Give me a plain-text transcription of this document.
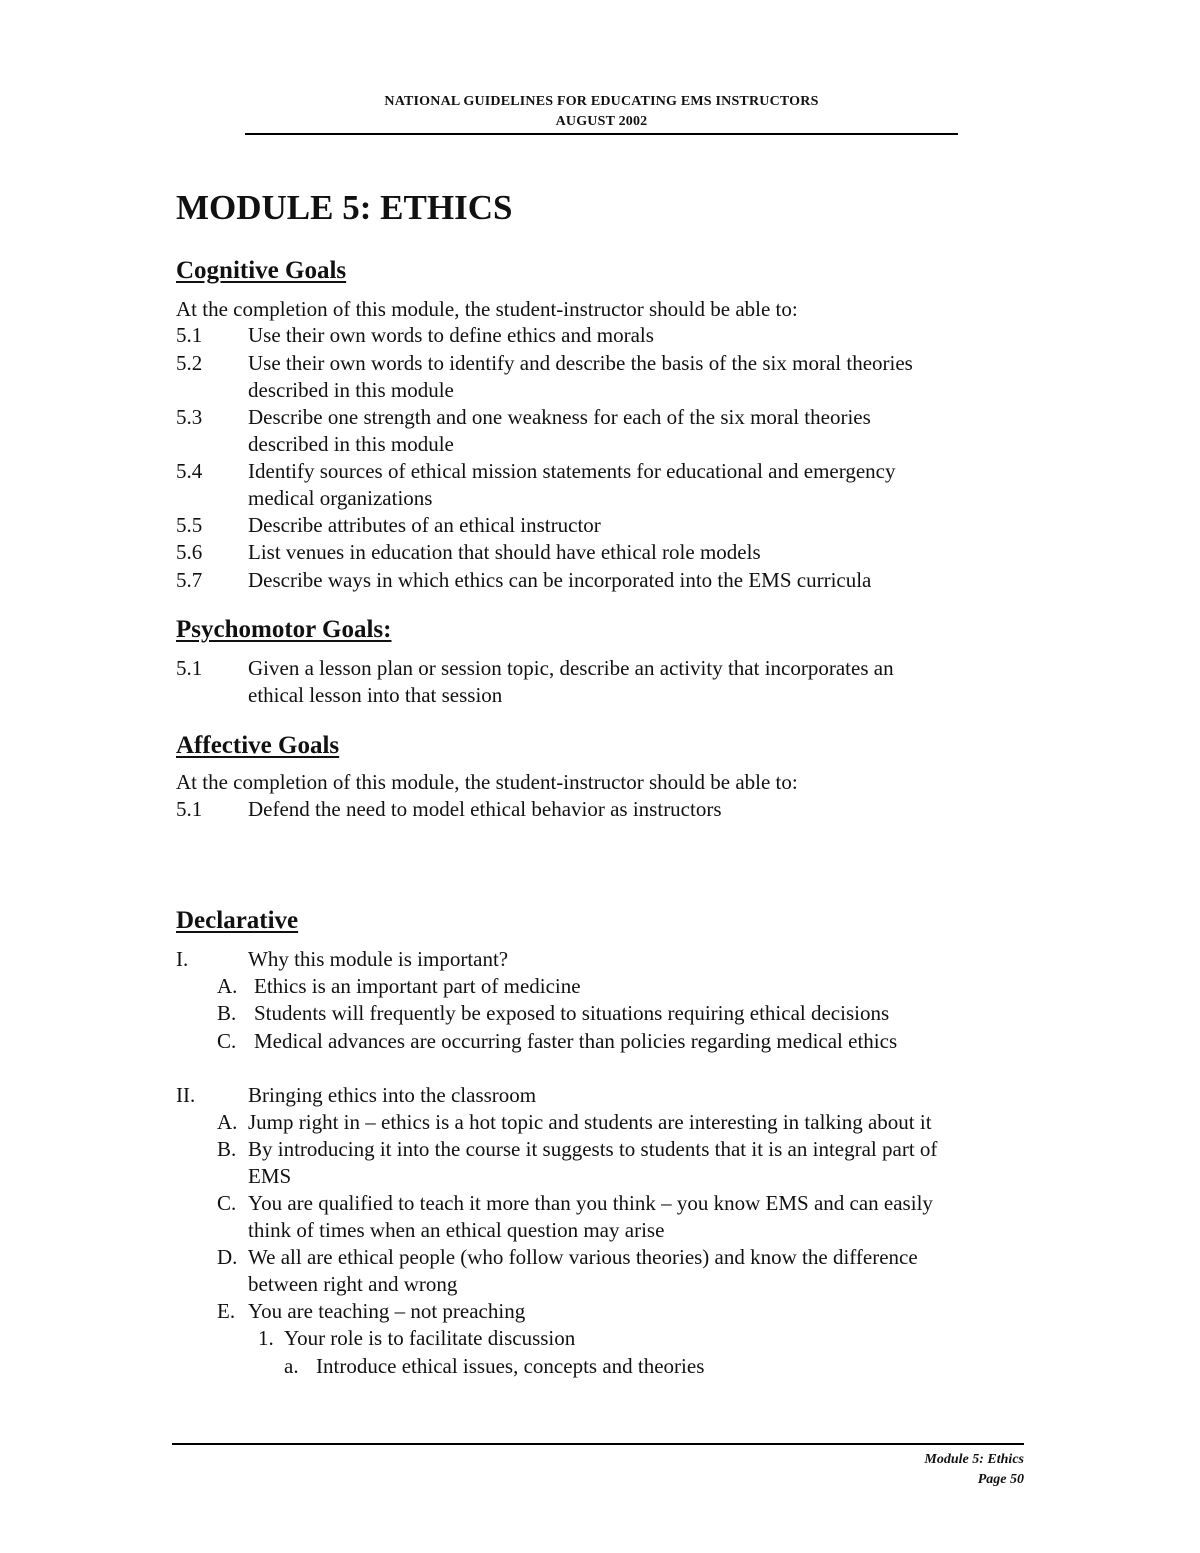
NATIONAL GUIDELINES FOR EDUCATING EMS INSTRUCTORS
AUGUST 2002
MODULE 5: ETHICS
Cognitive Goals
At the completion of this module, the student-instructor should be able to:
5.1 Use their own words to define ethics and morals
5.2 Use their own words to identify and describe the basis of the six moral theories
described in this module
5.3 Describe one strength and one weakness for each of the six moral theories
described in this module
5.4 Identify sources of ethical mission statements for educational and emergency
medical organizations
5.5 Describe attributes of an ethical instructor
5.6 List venues in education that should have ethical role models
5.7 Describe ways in which ethics can be incorporated into the EMS curricula
Psychomotor Goals:
5.1 Given a lesson plan or session topic, describe an activity that incorporates an
ethical lesson into that session
Affective Goals
At the completion of this module, the student-instructor should be able to:
5.1 Defend the need to model ethical behavior as instructors
Declarative
I.	Why this module is important?
A. Ethics is an important part of medicine
B. Students will frequently be exposed to situations requiring ethical decisions
C. Medical advances are occurring faster than policies regarding medical ethics
II.	Bringing ethics into the classroom
A. Jump right in – ethics is a hot topic and students are interesting in talking about it
B. By introducing it into the course it suggests to students that it is an integral part of
EMS
C. You are qualified to teach it more than you think – you know EMS and can easily
think of times when an ethical question may arise
D. We all are ethical people (who follow various theories) and know the difference
between right and wrong
E. You are teaching – not preaching
1. Your role is to facilitate discussion
a. Introduce ethical issues, concepts and theories
Module 5: Ethics
Page 50
